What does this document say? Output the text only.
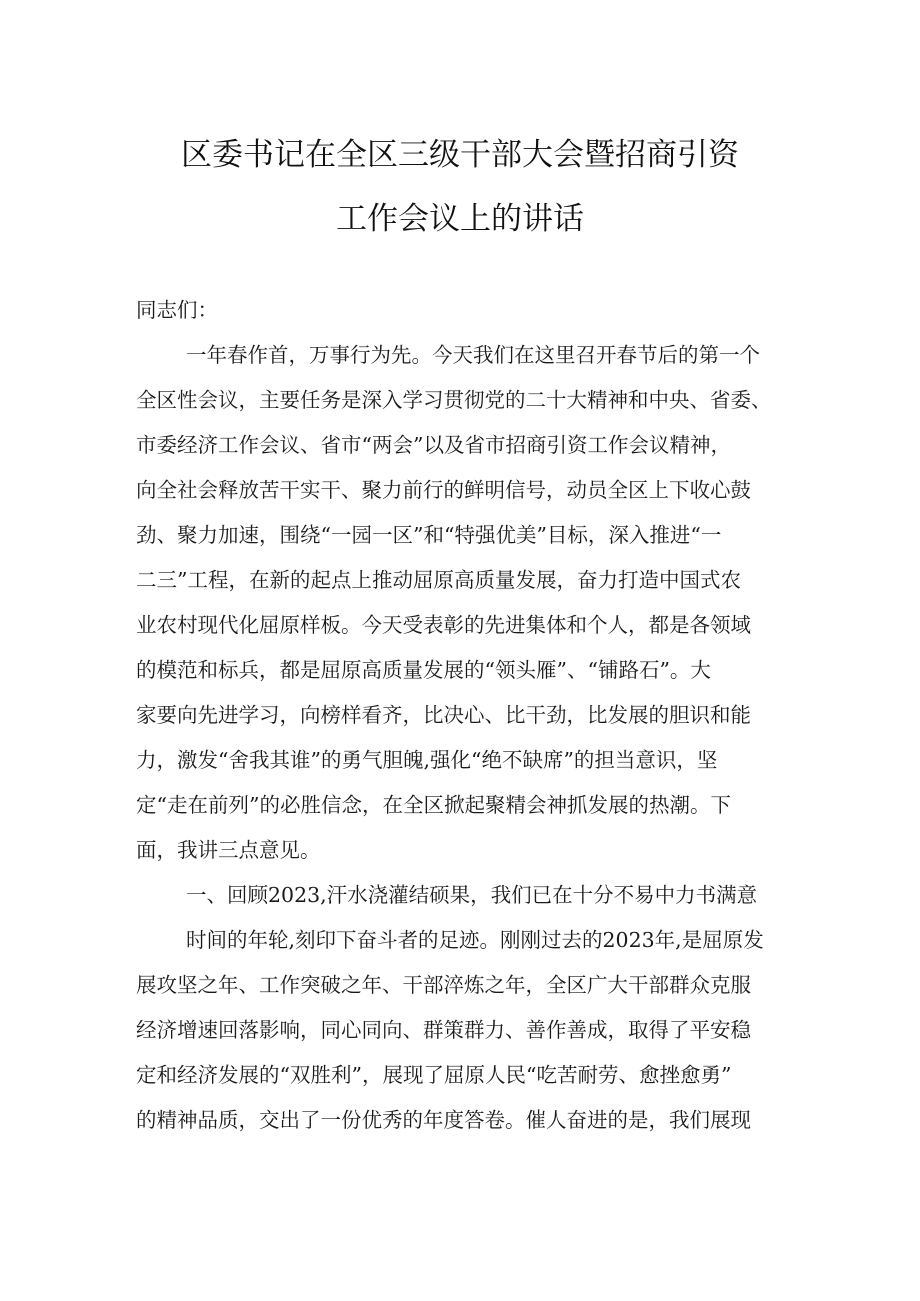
区委书记在全区三级干部大会暨招商引资
工作会议上的讲话
同志们：
一年春作首，万事行为先。今天我们在这里召开春节后的第一个
全区性会议，主要任务是深入学习贯彻党的二十大精神和中央、省委、
市委经济工作会议、省市“两会”以及省市招商引资工作会议精神，
向全社会释放苦干实干、聚力前行的鲜明信号，动员全区上下收心鼓
劲、聚力加速，围绕“一园一区”和“特强优美”目标，深入推进“一
二三”工程，在新的起点上推动屈原高质量发展，奋力打造中国式农
业农村现代化屈原样板。今天受表彰的先进集体和个人，都是各领域
的模范和标兵，都是屈原高质量发展的“领头雁”、“铺路石”。大
家要向先进学习，向榜样看齐，比决心、比干劲，比发展的胆识和能
力，激发“舍我其谁”的勇气胆魄,强化“绝不缺席”的担当意识，坚
定“走在前列”的必胜信念，在全区掀起聚精会神抓发展的热潮。下
面，我讲三点意见。
一、回顾2023,汗水浇灌结硕果，我们已在十分不易中力书满意
时间的年轮,刻印下奋斗者的足迹。刚刚过去的2023年,是屈原发
展攻坚之年、工作突破之年、干部淬炼之年，全区广大干部群众克服
经济增速回落影响，同心同向、群策群力、善作善成，取得了平安稳
定和经济发展的“双胜利”，展现了屈原人民“吃苦耐劳、愈挫愈勇”
的精神品质，交出了一份优秀的年度答卷。催人奋进的是，我们展现
